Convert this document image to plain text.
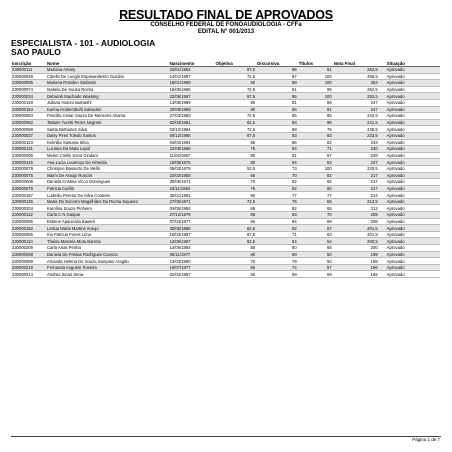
RESULTADO FINAL DE APROVADOS
CONSELHO FEDERAL DE FONOAUDIOLOGIA - CFFa
EDITAL N° 001/2013
ESPECIALISTA - 101 - AUDIOLOGIA
SAO PAULO
Inscrição	Nome	Nascimento	Objetiva	Discursiva	Títulos	Nota Final	Situação
230000111	Mariana Amary	22/01/1982	87,5	96	81	264,5	Aprovado
230000048	Cibelle De Lunghi Espasandesso Guidino	14/01/1987	72,5	87	100	255,5	Aprovado
230000095	Mariana Rosolen Stefanini	16/01/1989	60	89	100	253	Aprovado
230000074	Isabela De Souza Rocha	16/05/1988	72,5	81	99	252,5	Aprovado
230000034	Deborah Machado Wassing	22/06/1987	67,5	85	100	252,5	Aprovado
230000149	Juliana Haruni Iwahashi	14/08/1989	80	81	86	247	Aprovado
230000154	Karina Krahembuhl Salvadori	20/09/1989	80	86	81	247	Aprovado
230000063	Priscilla Cesar Souza De Menezes Aliama	27/03/1983	72,5	85	85	242,5	Aprovado
230000062	Tatiane Turetti Peres Negrete	02/03/1981	62,5	83	96	241,5	Aprovado
230000058	Sarita Bettoutes Silva	03/12/1984	72,5	88	75	235,5	Aprovado
230000037	Daisy Pires Toledo Santos	08/12/1985	67,5	83	83	233,5	Aprovado
230000123	Kelmilia Santana Silva	04/04/1964	65	86	82	233	Aprovado
230000131	Luciana Da Mata Lopol	22/08/1988	75	84	71	230	Aprovado
230000006	Melon Crislin Sono Gindani	11/04/1967	80	81	67	228	Aprovado
230000145	Ana Lucia Lourenço De Almeida	18/05/1975	80	94	53	227	Aprovado
230000079	Christyne Bassurto De Mello	05/03/1979	52,5	73	100	225,5	Aprovado
230000075	Naimi De Araujo Ruscos	22/02/1958	65	70	82	217	Aprovado
230000005	Daniela Cristina Vicco Domingues	30/06/1971	70	82	65	217	Aprovado
230000079	Patricia Carlim	24/11/1984	75	82	60	217	Aprovado
230000187	Ludmila Pereira Da Silva Cordeiro	30/01/1981	60	77	77	214	Aprovado
230000136	Maria Do Socorro Magalhães Da Rocha Siqueira	27/05/1971	72,5	76	65	213,5	Aprovado
230000204	Karolina Souza Pinheiro	04/05/1984	65	82	65	212	Aprovado
230000112	Carla C N Gaspar	27/12/1979	55	83	70	208	Aprovado
230000095	Estiene Aparecida Bauteri	07/04/1977	55	84	69	208	Aprovado
230000162	Leticia Maria Martins Araujo	30/05/1986	62,5	82	57	201,5	Aprovado
230000085	Iria Patricia Fones Lima	10/03/1987	67,5	71	63	201,5	Aprovado
230000110	Thaisa Marcela Mota Barreto	12/06/1987	62,5	84	54	200,5	Aprovado
230000209	Carla Arias Penha	14/06/1984	65	80	55	200	Aprovado
230000098	Daniela De Freitas Rodrigues Cuenca	06/11/1977	60	89	50	199	Aprovado
230000089	Amanda Helena De Souza Sampaio Aragão	13/03/1980	70	79	50	199	Aprovado
230000219	Fernanda Augusto Teixeira	19/07/1977	65	74	57	196	Aprovado
230000014	Andrea Sinus Sena	02/03/1967	55	69	69	192	Aprovado
Página 1 de 7
